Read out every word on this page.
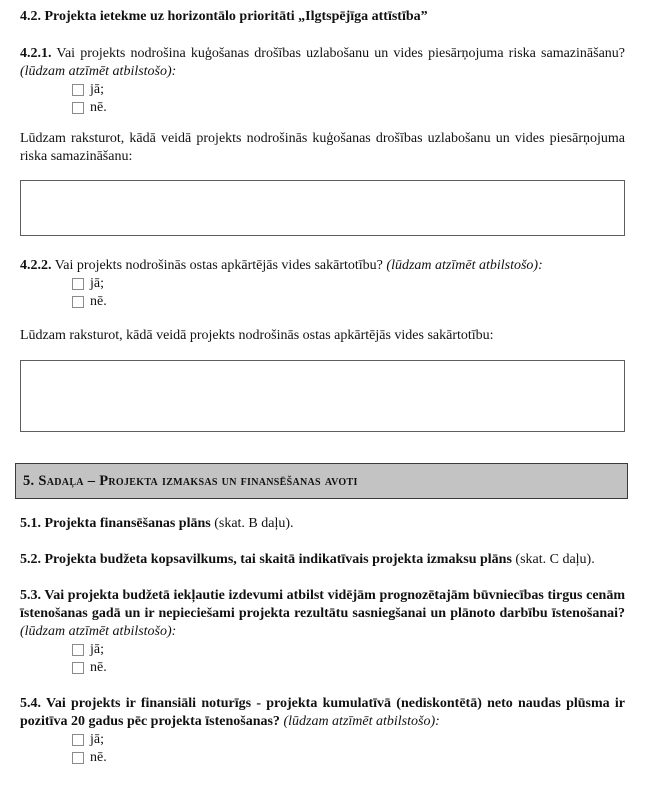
4.2. Projekta ietekme uz horizontālo prioritāti „Ilgtspējīga attīstība”

4.2.1. Vai projekts nodrošina kuģošanas drošības uzlabošanu un vides piesārņojuma riska samazināšanu? (lūdzam atzīmēt atbilstošo):

jā;
nē.

Lūdzam raksturot, kādā veidā projekts nodrošinās kuģošanas drošības uzlabošanu un vides piesārņojuma riska samazināšanu:

4.2.2. Vai projekts nodrošinās ostas apkārtējās vides sakārtotību? (lūdzam atzīmēt atbilstošo):

jā;
nē.

Lūdzam raksturot, kādā veidā projekts nodrošinās ostas apkārtējās vides sakārtotību:

5. Sadaļa – Projekta izmaksas un finansēšanas avoti

5.1. Projekta finansēšanas plāns (skat. B daļu).

5.2. Projekta budžeta kopsavilkums, tai skaitā indikatīvais projekta izmaksu plāns (skat. C daļu).

5.3. Vai projekta budžetā iekļautie izdevumi atbilst vidējām prognozētajām būvniecības tirgus cenām īstenošanas gadā un ir nepieciešami projekta rezultātu sasniegšanai un plānoto darbību īstenošanai? (lūdzam atzīmēt atbilstošo):

jā;
nē.

5.4. Vai projekts ir finansiāli noturīgs - projekta kumulatīvā (nediskontētā) neto naudas plūsma ir pozitīva 20 gadus pēc projekta īstenošanas? (lūdzam atzīmēt atbilstošo):

jā;
nē.
